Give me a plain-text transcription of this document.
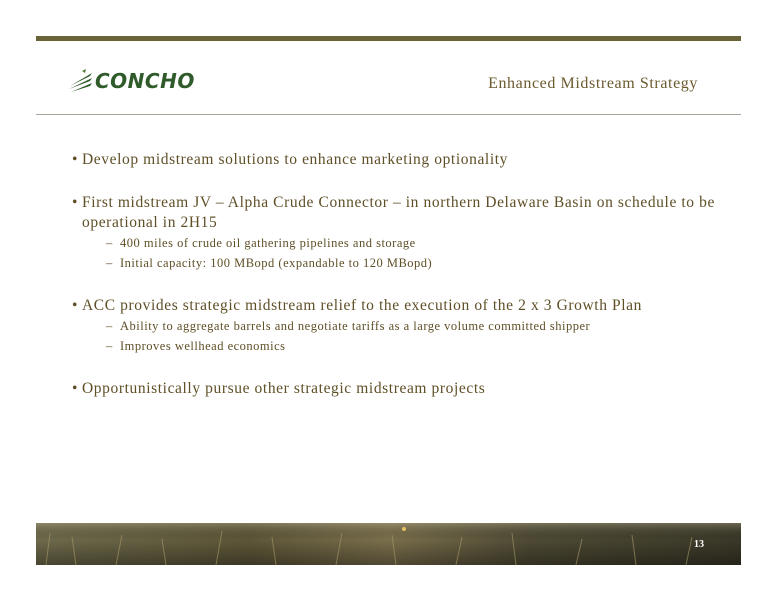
CONCHO	Enhanced Midstream Strategy
• Develop midstream solutions to enhance marketing optionality
• First midstream JV – Alpha Crude Connector – in northern Delaware Basin on schedule to be operational in 2H15
– 400 miles of crude oil gathering pipelines and storage
– Initial capacity: 100 MBopd (expandable to 120 MBopd)
• ACC provides strategic midstream relief to the execution of the 2 x 3 Growth Plan
– Ability to aggregate barrels and negotiate tariffs as a large volume committed shipper
– Improves wellhead economics
• Opportunistically pursue other strategic midstream projects
13
